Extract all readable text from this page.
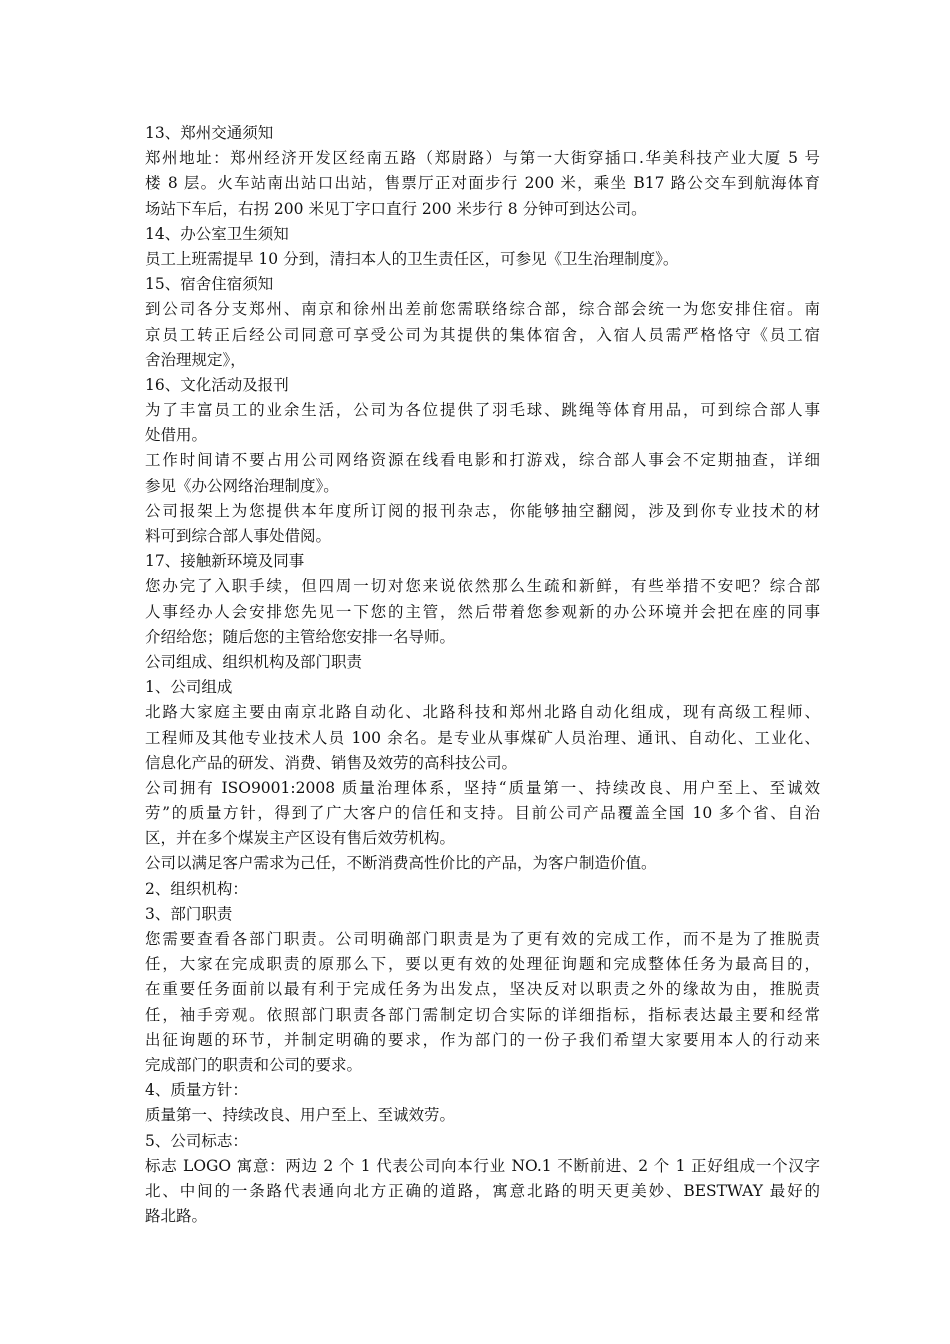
13、郑州交通须知
郑州地址：郑州经济开发区经南五路（郑尉路）与第一大街穿插口.华美科技产业大厦 5 号
楼 8 层。火车站南出站口出站，售票厅正对面步行 200 米，乘坐 B17 路公交车到航海体育
场站下车后，右拐 200 米见丁字口直行 200 米步行 8 分钟可到达公司。
14、办公室卫生须知
员工上班需提早 10 分到，清扫本人的卫生责任区，可参见《卫生治理制度》。
15、宿舍住宿须知
到公司各分支郑州、南京和徐州出差前您需联络综合部，综合部会统一为您安排住宿。南
京员工转正后经公司同意可享受公司为其提供的集体宿舍，入宿人员需严格恪守《员工宿
舍治理规定》，
16、文化活动及报刊
为了丰富员工的业余生活，公司为各位提供了羽毛球、跳绳等体育用品，可到综合部人事
处借用。
工作时间请不要占用公司网络资源在线看电影和打游戏，综合部人事会不定期抽查，详细
参见《办公网络治理制度》。
公司报架上为您提供本年度所订阅的报刊杂志，你能够抽空翻阅，涉及到你专业技术的材
料可到综合部人事处借阅。
17、接触新环境及同事
您办完了入职手续，但四周一切对您来说依然那么生疏和新鲜，有些举措不安吧？综合部
人事经办人会安排您先见一下您的主管，然后带着您参观新的办公环境并会把在座的同事
介绍给您；随后您的主管给您安排一名导师。
公司组成、组织机构及部门职责
1、公司组成
北路大家庭主要由南京北路自动化、北路科技和郑州北路自动化组成，现有高级工程师、
工程师及其他专业技术人员 100 余名。是专业从事煤矿人员治理、通讯、自动化、工业化、
信息化产品的研发、消费、销售及效劳的高科技公司。
公司拥有 ISO9001:2008 质量治理体系，坚持“质量第一、持续改良、用户至上、至诚效
劳”的质量方针，得到了广大客户的信任和支持。目前公司产品覆盖全国 10 多个省、自治
区，并在多个煤炭主产区设有售后效劳机构。
公司以满足客户需求为己任，不断消费高性价比的产品，为客户制造价值。
2、组织机构：
3、部门职责
您需要查看各部门职责。公司明确部门职责是为了更有效的完成工作，而不是为了推脱责
任，大家在完成职责的原那么下，要以更有效的处理征询题和完成整体任务为最高目的，
在重要任务面前以最有利于完成任务为出发点，坚决反对以职责之外的缘故为由，推脱责
任，袖手旁观。依照部门职责各部门需制定切合实际的详细指标，指标表达最主要和经常
出征询题的环节，并制定明确的要求，作为部门的一份子我们希望大家要用本人的行动来
完成部门的职责和公司的要求。
4、质量方针：
质量第一、持续改良、用户至上、至诚效劳。
5、公司标志：
标志 LOGO 寓意：两边 2 个 1 代表公司向本行业 NO.1 不断前进、2 个 1 正好组成一个汉字
北、中间的一条路代表通向北方正确的道路，寓意北路的明天更美妙、BESTWAY 最好的
路北路。
